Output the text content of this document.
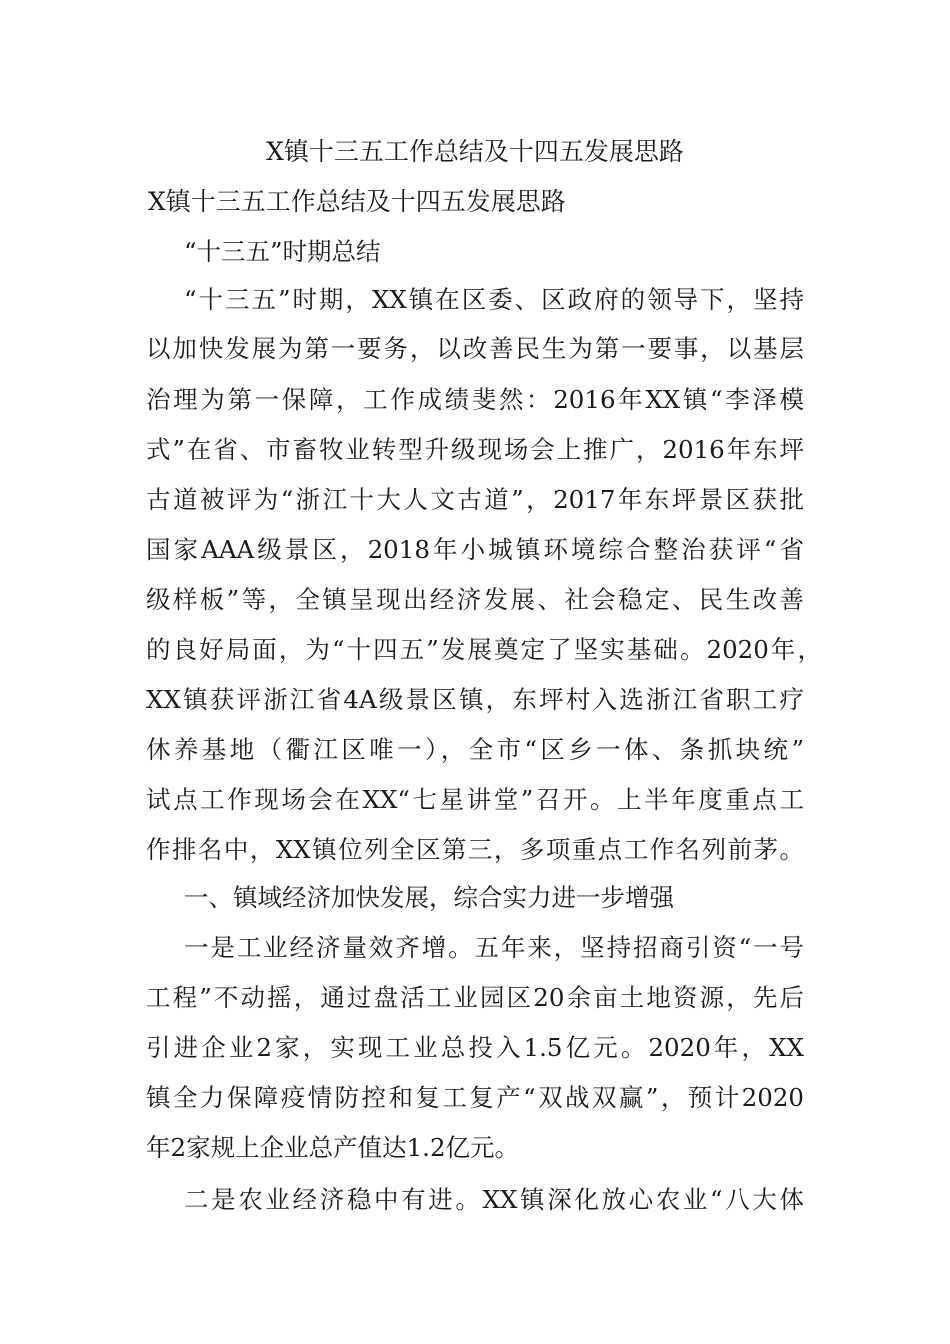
X镇十三五工作总结及十四五发展思路
X镇十三五工作总结及十四五发展思路

“十三五”时期总结

“十三五”时期，XX镇在区委、区政府的领导下，坚持

以加快发展为第一要务，以改善民生为第一要事，以基层

治理为第一保障，工作成绩斐然：2016年XX镇“李泽模

式”在省、市畜牧业转型升级现场会上推广，2016年东坪

古道被评为“浙江十大人文古道”，2017年东坪景区获批

国家AAA级景区，2018年小城镇环境综合整治获评“省

级样板”等，全镇呈现出经济发展、社会稳定、民生改善

的良好局面，为“十四五”发展奠定了坚实基础。2020年，

XX镇获评浙江省4A级景区镇，东坪村入选浙江省职工疗

休养基地（衢江区唯一），全市“区乡一体、条抓块统”

试点工作现场会在XX“七星讲堂”召开。上半年度重点工

作排名中，XX镇位列全区第三，多项重点工作名列前茅。

一、镇域经济加快发展，综合实力进一步增强

一是工业经济量效齐增。五年来，坚持招商引资“一号

工程”不动摇，通过盘活工业园区20余亩土地资源，先后

引进企业2家，实现工业总投入1.5亿元。2020年，XX

镇全力保障疫情防控和复工复产“双战双赢”，预计2020

年2家规上企业总产值达1.2亿元。

二是农业经济稳中有进。XX镇深化放心农业“八大体
